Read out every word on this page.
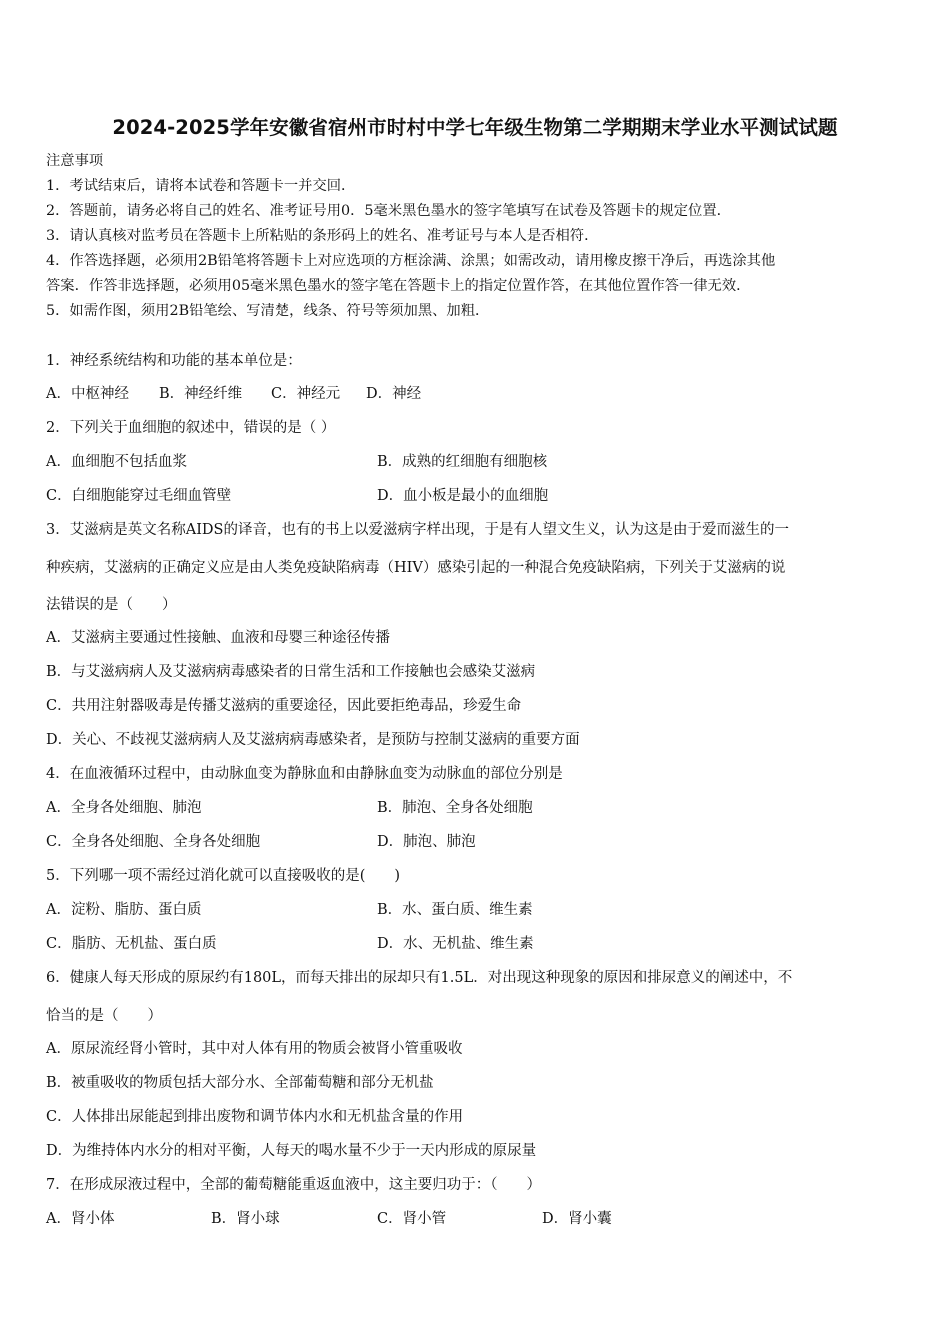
2024-2025学年安徽省宿州市时村中学七年级生物第二学期期末学业水平测试试题
注意事项
1．考试结束后，请将本试卷和答题卡一并交回．
2．答题前，请务必将自己的姓名、准考证号用0．5毫米黑色墨水的签字笔填写在试卷及答题卡的规定位置．
3．请认真核对监考员在答题卡上所粘贴的条形码上的姓名、准考证号与本人是否相符．
4．作答选择题，必须用2B铅笔将答题卡上对应选项的方框涂满、涂黑；如需改动，请用橡皮擦干净后，再选涂其他
答案．作答非选择题，必须用05毫米黑色墨水的签字笔在答题卡上的指定位置作答，在其他位置作答一律无效．
5．如需作图，须用2B铅笔绘、写清楚，线条、符号等须加黑、加粗．
1．神经系统结构和功能的基本单位是：
A．中枢神经 B．神经纤维 C．神经元 D．神经
2．下列关于血细胞的叙述中，错误的是（ ）
A．血细胞不包括血浆	B．成熟的红细胞有细胞核
C．白细胞能穿过毛细血管壁	D．血小板是最小的血细胞
3．艾滋病是英文名称AIDS的译音，也有的书上以爱滋病字样出现，于是有人望文生义，认为这是由于爱而滋生的一
种疾病，艾滋病的正确定义应是由人类免疫缺陷病毒（HIV）感染引起的一种混合免疫缺陷病，下列关于艾滋病的说
法错误的是（　　）
A．艾滋病主要通过性接触、血液和母婴三种途径传播
B．与艾滋病病人及艾滋病病毒感染者的日常生活和工作接触也会感染艾滋病
C．共用注射器吸毒是传播艾滋病的重要途径，因此要拒绝毒品，珍爱生命
D．关心、不歧视艾滋病病人及艾滋病病毒感染者，是预防与控制艾滋病的重要方面
4．在血液循环过程中，由动脉血变为静脉血和由静脉血变为动脉血的部位分别是
A．全身各处细胞、肺泡	B．肺泡、全身各处细胞
C．全身各处细胞、全身各处细胞	D．肺泡、肺泡
5．下列哪一项不需经过消化就可以直接吸收的是(　　)
A．淀粉、脂肪、蛋白质	B．水、蛋白质、维生素
C．脂肪、无机盐、蛋白质	D．水、无机盐、维生素
6．健康人每天形成的原尿约有180L，而每天排出的尿却只有1.5L．对出现这种现象的原因和排尿意义的阐述中，不
恰当的是（　　）
A．原尿流经肾小管时，其中对人体有用的物质会被肾小管重吸收
B．被重吸收的物质包括大部分水、全部葡萄糖和部分无机盐
C．人体排出尿能起到排出废物和调节体内水和无机盐含量的作用
D．为维持体内水分的相对平衡，人每天的喝水量不少于一天内形成的原尿量
7．在形成尿液过程中，全部的葡萄糖能重返血液中，这主要归功于：（　　）
A．肾小体	B．肾小球	C．肾小管	D．肾小囊
